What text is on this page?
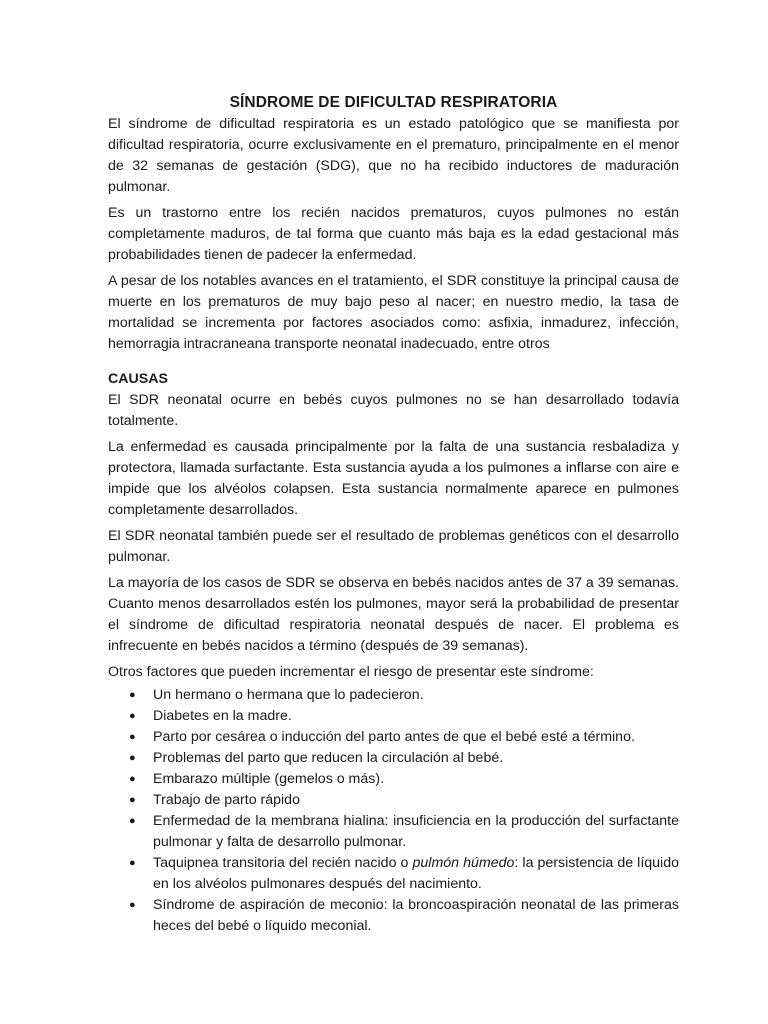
SÍNDROME DE DIFICULTAD RESPIRATORIA

El síndrome de dificultad respiratoria es un estado patológico que se manifiesta por dificultad respiratoria, ocurre exclusivamente en el prematuro, principalmente en el menor de 32 semanas de gestación (SDG), que no ha recibido inductores de maduración pulmonar.

Es un trastorno entre los recién nacidos prematuros, cuyos pulmones no están completamente maduros, de tal forma que cuanto más baja es la edad gestacional más probabilidades tienen de padecer la enfermedad.

A pesar de los notables avances en el tratamiento, el SDR constituye la principal causa de muerte en los prematuros de muy bajo peso al nacer; en nuestro medio, la tasa de mortalidad se incrementa por factores asociados como: asfixia, inmadurez, infección, hemorragia intracraneana transporte neonatal inadecuado, entre otros

CAUSAS

El SDR neonatal ocurre en bebés cuyos pulmones no se han desarrollado todavía totalmente.

La enfermedad es causada principalmente por la falta de una sustancia resbaladiza y protectora, llamada surfactante. Esta sustancia ayuda a los pulmones a inflarse con aire e impide que los alvéolos colapsen. Esta sustancia normalmente aparece en pulmones completamente desarrollados.

El SDR neonatal también puede ser el resultado de problemas genéticos con el desarrollo pulmonar.

La mayoría de los casos de SDR se observa en bebés nacidos antes de 37 a 39 semanas. Cuanto menos desarrollados estén los pulmones, mayor será la probabilidad de presentar el síndrome de dificultad respiratoria neonatal después de nacer. El problema es infrecuente en bebés nacidos a término (después de 39 semanas).

Otros factores que pueden incrementar el riesgo de presentar este síndrome:

● Un hermano o hermana que lo padecieron.
● Diabetes en la madre.
● Parto por cesárea o inducción del parto antes de que el bebé esté a término.
● Problemas del parto que reducen la circulación al bebé.
● Embarazo múltiple (gemelos o más).
● Trabajo de parto rápido
● Enfermedad de la membrana hialina: insuficiencia en la producción del surfactante pulmonar y falta de desarrollo pulmonar.
● Taquipnea transitoria del recién nacido o pulmón húmedo: la persistencia de líquido en los alvéolos pulmonares después del nacimiento.
● Síndrome de aspiración de meconio: la broncoaspiración neonatal de las primeras heces del bebé o líquido meconial.
